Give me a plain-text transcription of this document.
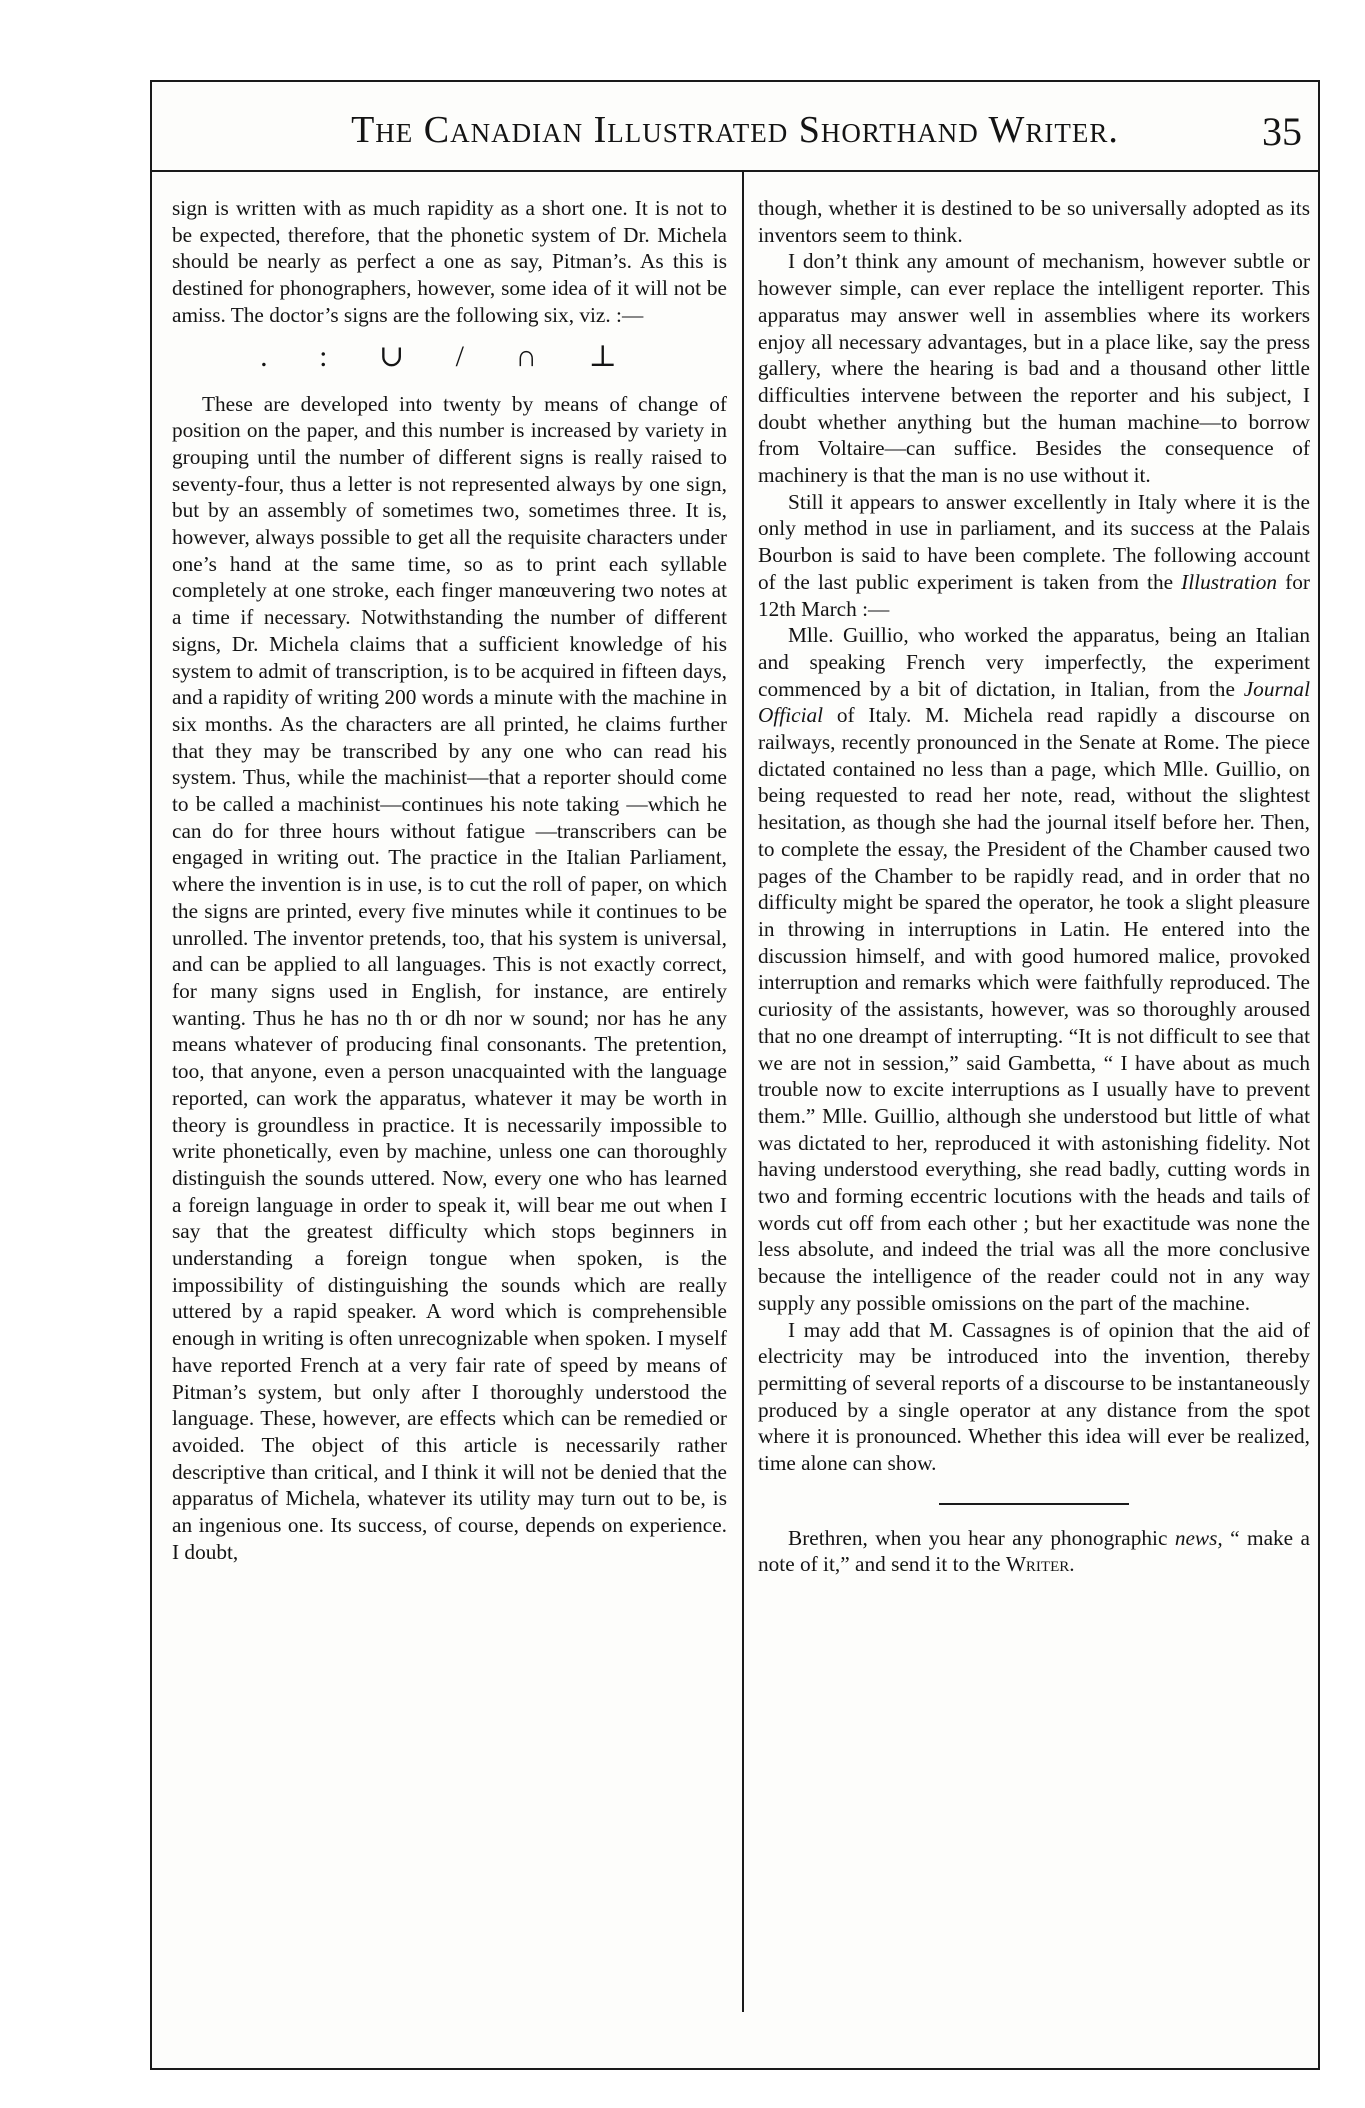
The Canadian Illustrated Shorthand Writer.	35

sign is written with as much rapidity as a short one. It is not to be expected, therefore, that the phonetic system of Dr. Michela should be nearly as perfect a one as say, Pitman’s. As this is destined for phonographers, however, some idea of it will not be amiss. The doctor’s signs are the following six, viz. :—

. : ∪ / ∩ ⊥

These are developed into twenty by means of change of position on the paper, and this number is increased by variety in grouping until the number of different signs is really raised to seventy-four, thus a letter is not represented always by one sign, but by an assembly of sometimes two, sometimes three. It is, however, always possible to get all the requisite characters under one’s hand at the same time, so as to print each syllable completely at one stroke, each finger manœuvering two notes at a time if necessary. Notwithstanding the number of different signs, Dr. Michela claims that a sufficient knowledge of his system to admit of transcription, is to be acquired in fifteen days, and a rapidity of writing 200 words a minute with the machine in six months. As the characters are all printed, he claims further that they may be transcribed by any one who can read his system. Thus, while the machinist—that a reporter should come to be called a machinist—continues his note taking —which he can do for three hours without fatigue —transcribers can be engaged in writing out. The practice in the Italian Parliament, where the invention is in use, is to cut the roll of paper, on which the signs are printed, every five minutes while it continues to be unrolled. The inventor pretends, too, that his system is universal, and can be applied to all languages. This is not exactly correct, for many signs used in English, for instance, are entirely wanting. Thus he has no th or dh nor w sound; nor has he any means whatever of producing final consonants. The pretention, too, that anyone, even a person unacquainted with the language reported, can work the apparatus, whatever it may be worth in theory is groundless in practice. It is necessarily impossible to write phonetically, even by machine, unless one can thoroughly distinguish the sounds uttered. Now, every one who has learned a foreign language in order to speak it, will bear me out when I say that the greatest difficulty which stops beginners in understanding a foreign tongue when spoken, is the impossibility of distinguishing the sounds which are really uttered by a rapid speaker. A word which is comprehensible enough in writing is often unrecognizable when spoken. I myself have reported French at a very fair rate of speed by means of Pitman’s system, but only after I thoroughly understood the language. These, however, are effects which can be remedied or avoided. The object of this article is necessarily rather descriptive than critical, and I think it will not be denied that the apparatus of Michela, whatever its utility may turn out to be, is an ingenious one. Its success, of course, depends on experience. I doubt,

though, whether it is destined to be so universally adopted as its inventors seem to think.

I don’t think any amount of mechanism, however subtle or however simple, can ever replace the intelligent reporter. This apparatus may answer well in assemblies where its workers enjoy all necessary advantages, but in a place like, say the press gallery, where the hearing is bad and a thousand other little difficulties intervene between the reporter and his subject, I doubt whether anything but the human machine—to borrow from Voltaire—can suffice. Besides the consequence of machinery is that the man is no use without it.

Still it appears to answer excellently in Italy where it is the only method in use in parliament, and its success at the Palais Bourbon is said to have been complete. The following account of the last public experiment is taken from the Illustration for 12th March :—

Mlle. Guillio, who worked the apparatus, being an Italian and speaking French very imperfectly, the experiment commenced by a bit of dictation, in Italian, from the Journal Official of Italy. M. Michela read rapidly a discourse on railways, recently pronounced in the Senate at Rome. The piece dictated contained no less than a page, which Mlle. Guillio, on being requested to read her note, read, without the slightest hesitation, as though she had the journal itself before her. Then, to complete the essay, the President of the Chamber caused two pages of the Chamber to be rapidly read, and in order that no difficulty might be spared the operator, he took a slight pleasure in throwing in interruptions in Latin. He entered into the discussion himself, and with good humored malice, provoked interruption and remarks which were faithfully reproduced. The curiosity of the assistants, however, was so thoroughly aroused that no one dreampt of interrupting. “It is not difficult to see that we are not in session,” said Gambetta, “ I have about as much trouble now to excite interruptions as I usually have to prevent them.” Mlle. Guillio, although she understood but little of what was dictated to her, reproduced it with astonishing fidelity. Not having understood everything, she read badly, cutting words in two and forming eccentric locutions with the heads and tails of words cut off from each other ; but her exactitude was none the less absolute, and indeed the trial was all the more conclusive because the intelligence of the reader could not in any way supply any possible omissions on the part of the machine.

I may add that M. Cassagnes is of opinion that the aid of electricity may be introduced into the invention, thereby permitting of several reports of a discourse to be instantaneously produced by a single operator at any distance from the spot where it is pronounced. Whether this idea will ever be realized, time alone can show.

Brethren, when you hear any phonographic news, “ make a note of it,” and send it to the Writer.
